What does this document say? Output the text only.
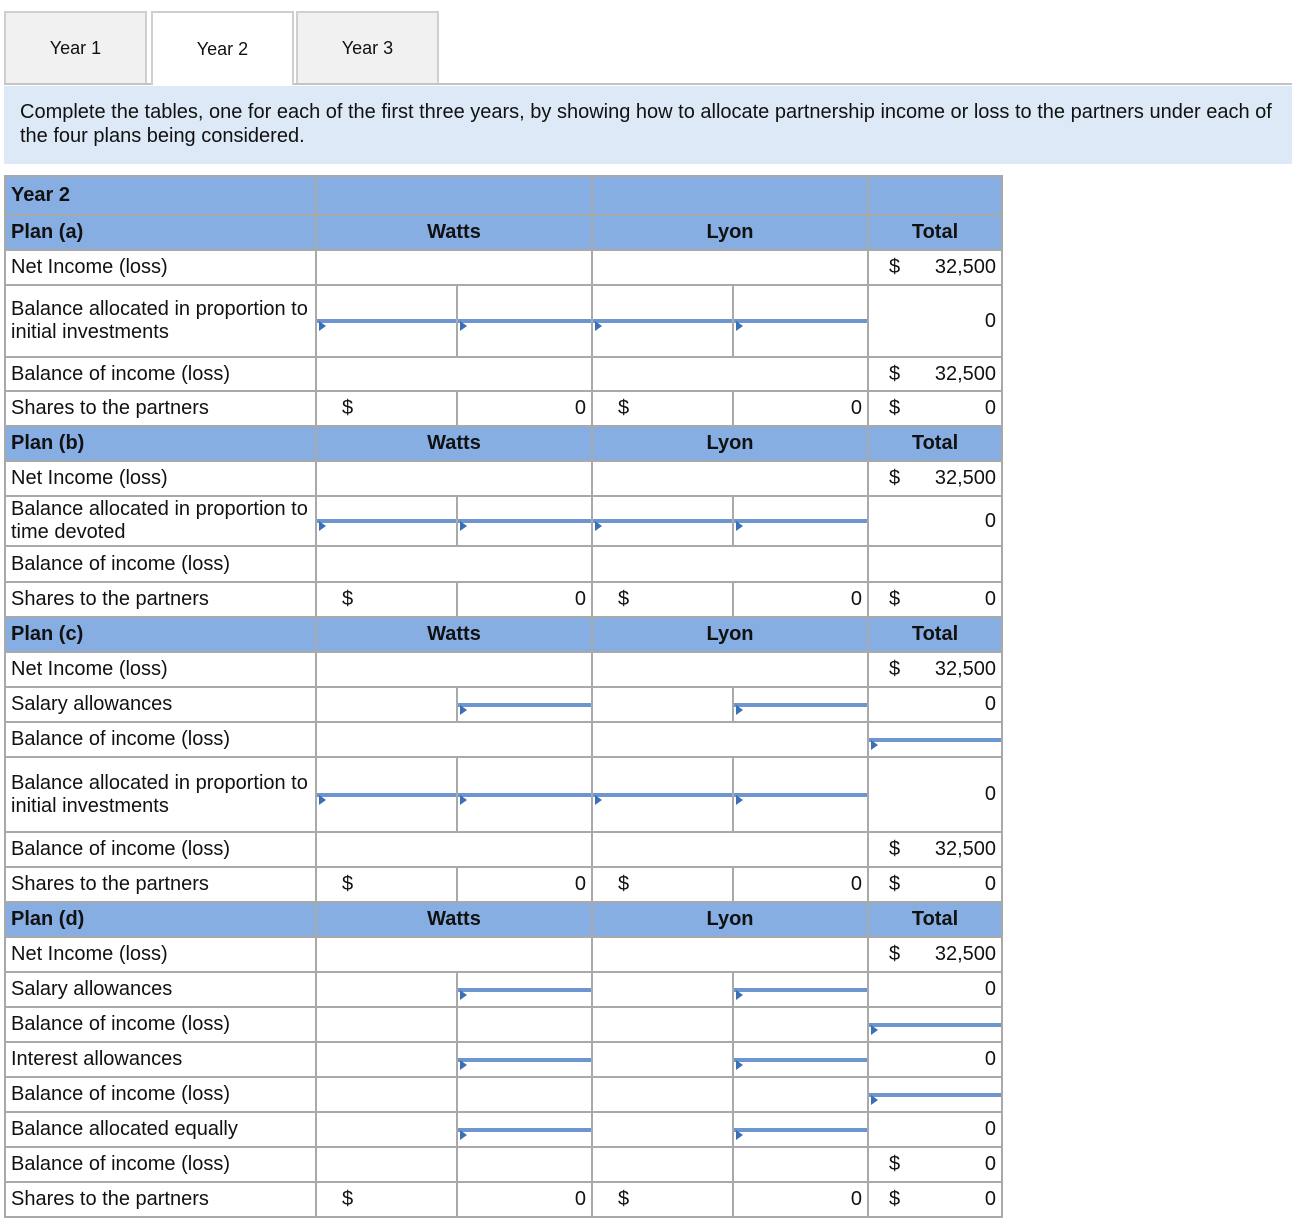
Year 1	Year 2	Year 3
Complete the tables, one for each of the first three years, by showing how to allocate partnership income or loss to the partners under each of the four plans being considered.
Year 2					
Plan (a)	Watts		Lyon		Total
Net Income (loss)					$ 32,500
Balance allocated in proportion to initial investments					0
Balance of income (loss)					$ 32,500
Shares to the partners	$	0	$	0	$ 0
Plan (b)	Watts		Lyon		Total
Net Income (loss)					$ 32,500
Balance allocated in proportion to time devoted					0
Balance of income (loss)					
Shares to the partners	$	0	$	0	$ 0
Plan (c)	Watts		Lyon		Total
Net Income (loss)					$ 32,500
Salary allowances					0
Balance of income (loss)					

Balance allocated in proportion to initial investments					0
Balance of income (loss)					$ 32,500
Shares to the partners	$	0	$	0	$ 0
Plan (d)	Watts		Lyon		Total
Net Income (loss)					$ 32,500
Salary allowances					0
Balance of income (loss)					

Interest allowances					0
Balance of income (loss)					

Balance allocated equally					0
Balance of income (loss)					$ 0
Shares to the partners	$	0	$	0	$ 0
